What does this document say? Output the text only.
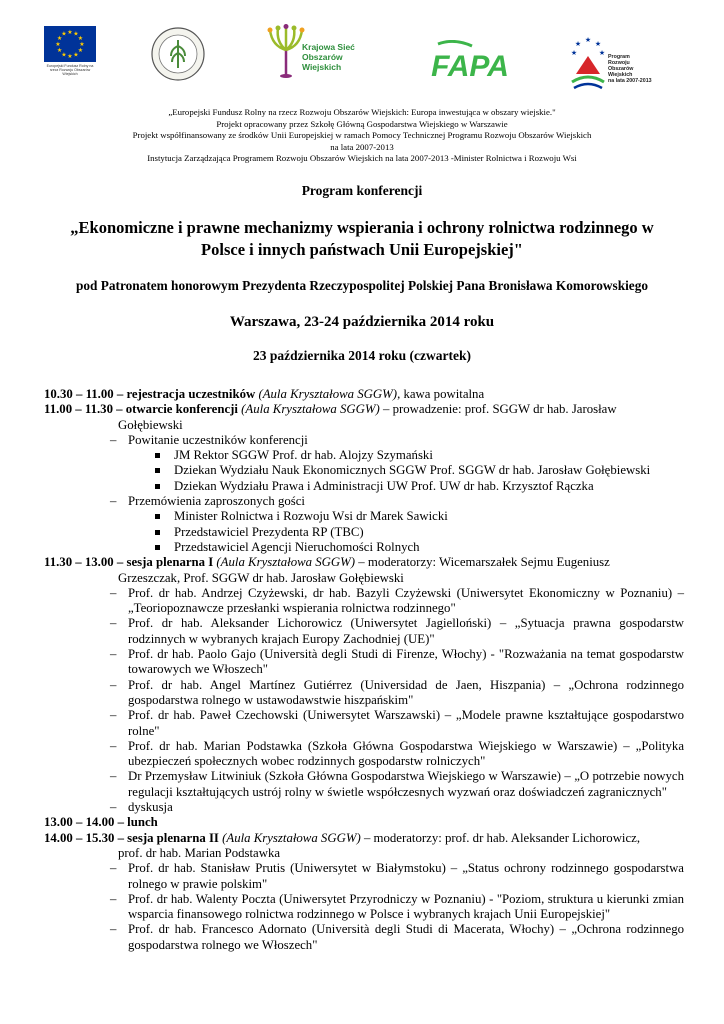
★ ★
★
★
★
★
★
★
★
★
★
★
Europejski Fundusz Rolny na rzecz Rozwoju Obszarów Wiejskich
Krajowa Sieć
Obszarów Wiejskich	FAPA
★ ★
★
★
★	Program
Rozwoju
Obszarów
Wiejskich
na lata 2007-2013
„Europejski Fundusz Rolny na rzecz Rozwoju Obszarów Wiejskich: Europa inwestująca w obszary wiejskie."
Projekt opracowany przez Szkołę Główną Gospodarstwa Wiejskiego w Warszawie
Projekt współfinansowany ze środków Unii Europejskiej w ramach Pomocy Technicznej Programu Rozwoju Obszarów Wiejskich
na lata 2007-2013
Instytucja Zarządzająca Programem Rozwoju Obszarów Wiejskich na lata 2007-2013 -Minister Rolnictwa i Rozwoju Wsi
Program konferencji
„Ekonomiczne i prawne mechanizmy wspierania i ochrony rolnictwa rodzinnego w
Polsce i innych państwach Unii Europejskiej"
pod Patronatem honorowym Prezydenta Rzeczypospolitej Polskiej Pana Bronisława Komorowskiego
Warszawa, 23-24 października 2014 roku
23 października 2014 roku (czwartek)

10.30 – 11.00 – rejestracja uczestników (Aula Kryształowa SGGW), kawa powitalna

11.00 – 11.30 – otwarcie konferencji (Aula Kryształowa SGGW) – prowadzenie: prof. SGGW dr hab. Jarosław

Gołębiewski

– Powitanie uczestników konferencji

JM Rektor SGGW Prof. dr hab. Alojzy Szymański

Dziekan Wydziału Nauk Ekonomicznych SGGW Prof. SGGW dr hab. Jarosław Gołębiewski

Dziekan Wydziału Prawa i Administracji UW Prof. UW dr hab. Krzysztof Rączka

– Przemówienia zaproszonych gości

Minister Rolnictwa i Rozwoju Wsi dr Marek Sawicki

Przedstawiciel Prezydenta RP (TBC)

Przedstawiciel Agencji Nieruchomości Rolnych

11.30 – 13.00 – sesja plenarna I (Aula Kryształowa SGGW) – moderatorzy: Wicemarszałek Sejmu Eugeniusz

Grzeszczak, Prof. SGGW dr hab. Jarosław Gołębiewski

– Prof. dr hab. Andrzej Czyżewski, dr hab. Bazyli Czyżewski (Uniwersytet Ekonomiczny w Poznaniu) – „Teoriopoznawcze przesłanki wspierania rolnictwa rodzinnego"

– Prof. dr hab. Aleksander Lichorowicz (Uniwersytet Jagielloński) – „Sytuacja prawna gospodarstw rodzinnych w wybranych krajach Europy Zachodniej (UE)"

– Prof. dr hab. Paolo Gajo (Università degli Studi di Firenze, Włochy) - "Rozważania na temat gospodarstw towarowych we Włoszech"

– Prof. dr hab. Angel Martínez Gutiérrez (Universidad de Jaen, Hiszpania) – „Ochrona rodzinnego gospodarstwa rolnego w ustawodawstwie hiszpańskim"

– Prof. dr hab. Paweł Czechowski (Uniwersytet Warszawski) – „Modele prawne kształtujące gospodarstwo rolne"

– Prof. dr hab. Marian Podstawka (Szkoła Główna Gospodarstwa Wiejskiego w Warszawie) – „Polityka ubezpieczeń społecznych wobec rodzinnych gospodarstw rolniczych"

– Dr Przemysław Litwiniuk (Szkoła Główna Gospodarstwa Wiejskiego w Warszawie) – „O potrzebie nowych regulacji kształtujących ustrój rolny w świetle współczesnych wyzwań oraz doświadczeń zagranicznych"

– dyskusja

13.00 – 14.00 – lunch

14.00 – 15.30 – sesja plenarna II (Aula Kryształowa SGGW) – moderatorzy: prof. dr hab. Aleksander Lichorowicz,

prof. dr hab. Marian Podstawka

– Prof. dr hab. Stanisław Prutis (Uniwersytet w Białymstoku) – „Status ochrony rodzinnego gospodarstwa rolnego w prawie polskim"

– Prof. dr hab. Walenty Poczta (Uniwersytet Przyrodniczy w Poznaniu) - "Poziom, struktura u kierunki zmian wsparcia finansowego rolnictwa rodzinnego w Polsce i wybranych krajach Unii Europejskiej"

– Prof. dr hab. Francesco Adornato (Università degli Studi di Macerata, Włochy) – „Ochrona rodzinnego gospodarstwa rolnego we Włoszech"
